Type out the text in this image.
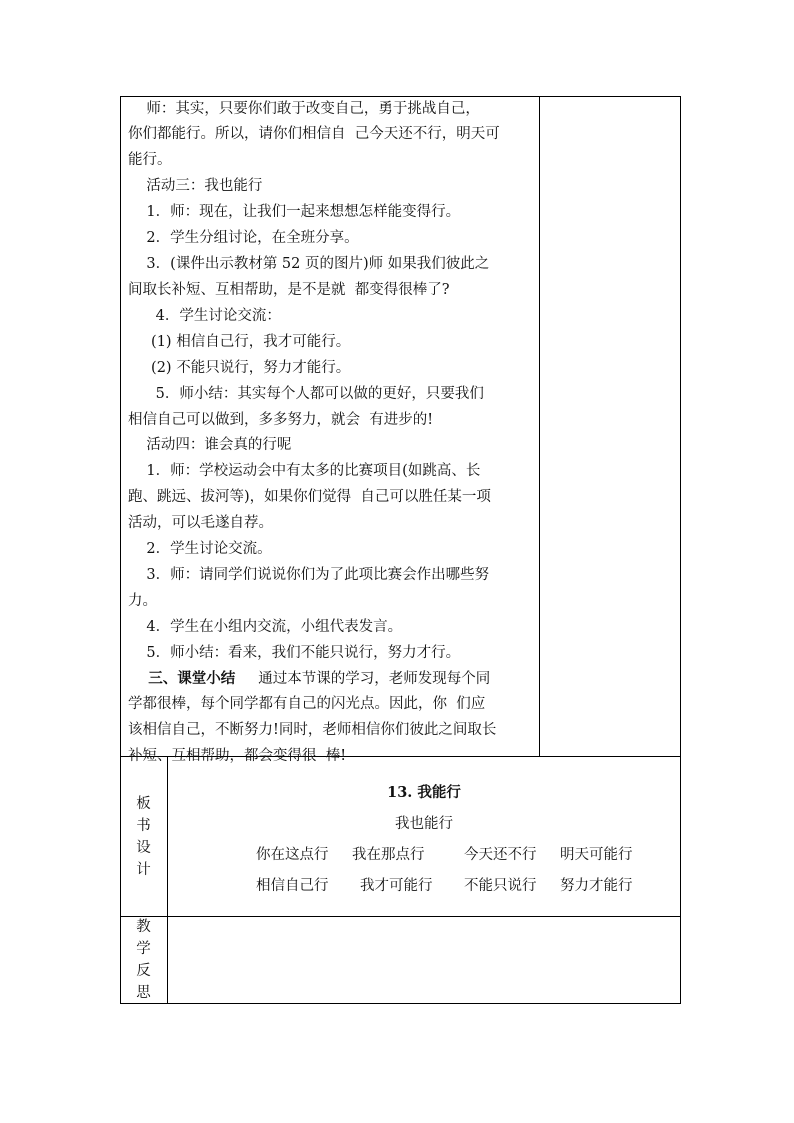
师：其实，只要你们敢于改变自己，勇于挑战自己，
你们都能行。所以，请你们相信自  己今天还不行，明天可
能行。
活动三：我也能行
1．师：现在，让我们一起来想想怎样能变得行。
2．学生分组讨论，在全班分享。
3．(课件出示教材第 52 页的图片)师 如果我们彼此之
间取长补短、互相帮助，是不是就  都变得很棒了?
4．学生讨论交流：
(1) 相信自己行，我才可能行。
(2) 不能只说行，努力才能行。
5．师小结：其实每个人都可以做的更好，只要我们
相信自己可以做到，多多努力，就会  有进步的!
活动四：谁会真的行呢
1．师：学校运动会中有太多的比赛项目(如跳高、长
跑、跳远、拔河等)，如果你们觉得  自己可以胜任某一项
活动，可以毛遂自荐。
2．学生讨论交流。
3．师：请同学们说说你们为了此项比赛会作出哪些努
力。
4．学生在小组内交流，小组代表发言。
5．师小结：看来，我们不能只说行，努力才行。
三、课堂小结     通过本节课的学习，老师发现每个同
学都很棒，每个同学都有自己的闪光点。因此，你  们应
该相信自己，不断努力!同时，老师相信你们彼此之间取长
补短、互相帮助，都会变得很  棒!
板
书
设
计
教
学
反
思
13. 我能行
我也能行
你在这点行 我在那点行	今天还不行 明天可能行
相信自己行 我才可能行 不能只说行 努力才能行
